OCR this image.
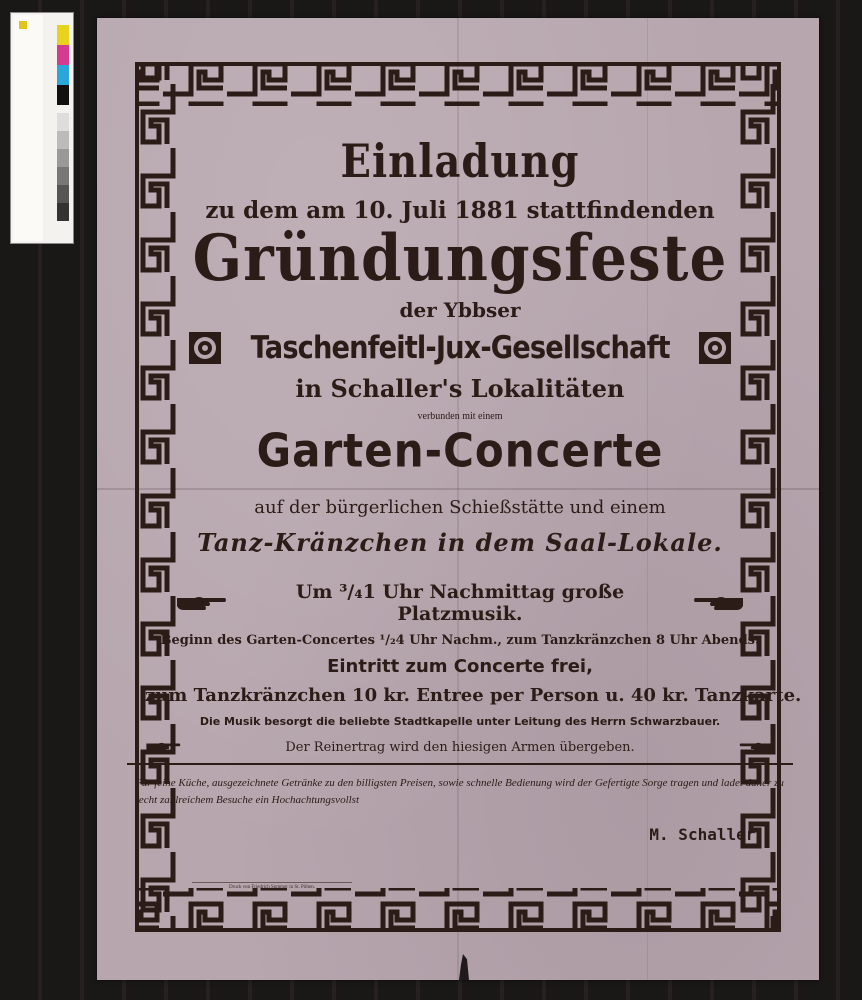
Einladung
zu dem am 10. Juli 1881 stattfindenden
Gründungsfeste
der Ybbser
Taschenfeitl-Jux-Gesellschaft
in Schaller's Lokalitäten
verbunden mit einem
Garten-Concerte
auf der bürgerlichen Schießstätte und einem
Tanz-Kränzchen in dem Saal-Lokale.
Um ³/₄1 Uhr Nachmittag große Platzmusik.
Beginn des Garten-Concertes ¹/₂4 Uhr Nachm., zum Tanzkränzchen 8 Uhr Abends.
Eintritt zum Concerte frei,
zum Tanzkränzchen 10 kr. Entree per Person u. 40 kr. Tanzkarte.
Die Musik besorgt die beliebte Stadtkapelle unter Leitung des Herrn Schwarzbauer.
Der Reinertrag wird den hiesigen Armen übergeben.
Für feine Küche, ausgezeichnete Getränke zu den billigsten Preisen, sowie schnelle Bedienung wird der Gefertigte Sorge tragen und ladet daher zu recht zahlreichem Besuche ein Hochachtungsvollst
M. Schaller.
Druck von Friedrich Sommer in St. Pölten.
